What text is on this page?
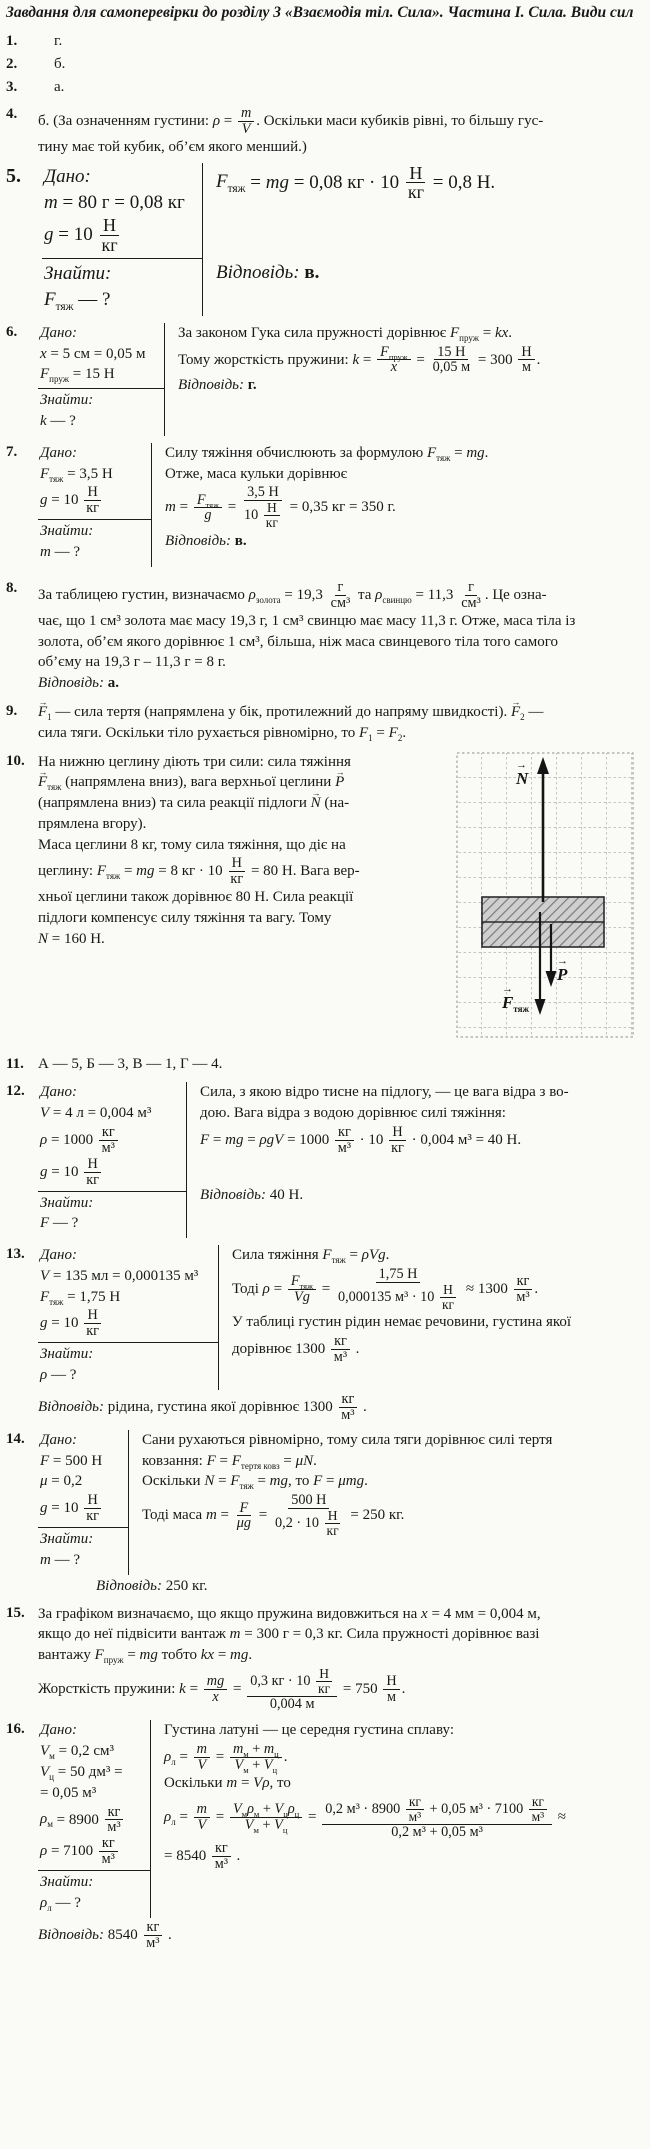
Завдання для самоперевірки до розділу 3 «Взаємодія тіл. Сила». Частина І. Сила. Види сил
1.	г.
2.	б.
3.	а.
4.	б. (За означенням густини: $\rho = \frac{m}{V}$ . Оскільки маси кубиків рівні, то більшу гус-
тину має той кубик, об’єм якого менший.)
5.	Дано:
m = 80 г = 0,08 кг
$g = 10 \frac{Н}{кг}$
Знайти:
$F_{тяж}$ — ?
$F_{тяж}$ = mg = 0,08 кг · $10 \frac{Н}{кг} = 0,8$ Н.
Відповідь: в.
6.	Дано:
x = 5 см = 0,05 м
$F_{пруж} = 15$ Н
Знайти:
k — ?
За законом Гука сила пружності дорівнює $F_{пруж}$ = kx.
Тому жорсткість пружини: $k = \frac{F_{пруж}}{x} = \frac{15 Н}{0,05 м} = 300 \frac{Н}{м}$ .
Відповідь: г.
7.	Дано:
$F_{тяж} = 3,5$ Н
$g = 10 \frac{Н}{кг}$
Знайти:
m — ?
Силу тяжіння обчислюють за формулою $F_{тяж}$ = mg.
Отже, маса кульки дорівнює
$m = \frac{F_{тяж}}{g} = \frac{3,5 Н}{10 \frac{Н}{кг}} = 0,35$ кг = 350 г.
Відповідь: в.
8.	За таблицею густин, визначаємо $\rho_{золота} = 19,3 \frac{г}{\text{см³}}$ та $\rho_{свинцю} = 11,3 \frac{г}{\text{см³}}$ . Це озна-
чає, що 1 см³ золота має масу 19,3 г, 1 см³ свинцю має масу 11,3 г. Отже, маса тіла із
золота, об’єм якого дорівнює 1 см³, більша, ніж маса свинцевого тіла того самого
об’єму на 19,3 г – 11,3 г = 8 г.
Відповідь: а.
9.	$F \to_1$ — сила тертя (напрямлена у бік, протилежний до напряму швидкості). $F \to_2$ —
сила тяги. Оскільки тіло рухається рівномірно, то $F_1 = F_2$.
10. На нижню цеглину діють три сили: сила тяжіння
$F \to_{тяж}$ (напрямлена вниз), вага верхньої цеглини P →
(напрямлена вниз) та сила реакції підлоги N → (на-
прямлена вгору).
Маса цеглини 8 кг, тому сила тяжіння, що діє на
цеглину: $F_{тяж}$ = mg = 8 кг · $10 \frac{Н}{кг} = 80$ Н. Вага вер-
хньої цеглини також дорівнює 80 Н. Сила реакції
підлоги компенсує силу тяжіння та вагу. Тому
N = 160 Н.
→
N
→
P
→
$F_{тяж}$
11. А — 5, Б — 3, В — 1, Г — 4.
12.	Дано:
V = 4 л = 0,004 м³
$\rho = 1000 \frac{кг}{\text{м³}}$
$g = 10 \frac{Н}{кг}$
Знайти:
F — ?
Сила, з якою відро тисне на підлогу, — це вага відра з во-
дою. Вага відра з водою дорівнює силі тяжіння:
F = mg = $\rho gV = 1000 \frac{кг}{\text{м³}} \cdot 10 \frac{Н}{кг} \cdot 0,004$ м³ = 40 Н.
Відповідь: 40 Н.
13.	Дано:
V = 135 мл = 0,000135 м³
$F_{тяж} = 1,75$ Н
$g = 10 \frac{Н}{кг}$
Знайти:
ρ — ?
Сила тяжіння $F_{тяж} = \rho Vg$.
Тоді $\rho = \frac{F_{тяж}}{Vg} = \frac{1,75 Н}{0,000135 м^3 \cdot 10 \frac{Н}{кг}} \approx 1300 \frac{кг}{\text{м³}}$ .
У таблиці густин рідин немає речовини, густина якої
дорівнює $1300 \frac{кг}{\text{м³}}$ .
Відповідь: рідина, густина якої дорівнює $1300 \frac{кг}{\text{м³}}$ .
14.	Дано:
F = 500 Н
μ = 0,2
$g = 10 \frac{Н}{кг}$
Знайти:
m — ?
Сани рухаються рівномірно, тому сила тяги дорівнює силі тертя
ковзання: $F = F_{тертя ковз} = \mu N$.
Оскільки $N = F_{тяж}$ = mg, то F = μmg.
Тоді маса $m = \frac{F}{\mu g} = \frac{500 Н}{0,2 \cdot 10 \frac{Н}{кг}} = 250$ кг.
Відповідь: 250 кг.
15. За графіком визначаємо, що якщо пружина видовжиться на x = 4 мм = 0,004 м,
якщо до неї підвісити вантаж m = 300 г = 0,3 кг. Сила пружності дорівнює вазі
вантажу $F_{пруж}$ = mg тобто kx = mg.
Жорсткість пружини: $k = \frac{mg}{x} = \frac{0,3 кг \cdot 10 \frac{Н}{кг}}{0,004 м} = 750 \frac{Н}{м}$ .
16.	Дано:
$V_м = 0,2$ см³
$V_ц = 50$ дм³ =
= 0,05 м³
$\rho_м = 8900 \frac{кг}{\text{м³}}$
$\rho = 7100 \frac{кг}{\text{м³}}$
Знайти:
$\rho_л$ — ?
Густина латуні — це середня густина сплаву:
$\rho_л = \frac{m}{V} = \frac{m_м + m_ц}{V_м + V_ц}$ .
Оскільки m = Vρ, то
$\rho_л = \frac{m}{V} = \frac{V_м\rho_м + V_ц\rho_ц}{V_м + V_ц} = \frac{0,2 м^3 \cdot 8900 \frac{кг}{\text{м³}} + 0,05 м^3 \cdot 7100 \frac{кг}{\text{м³}}}{\text{0,2 м³ + 0,05 м³}}$ ≈
= $8540 \frac{кг}{\text{м³}}$ .
Відповідь: $8540 \frac{кг}{\text{м³}}$ .
